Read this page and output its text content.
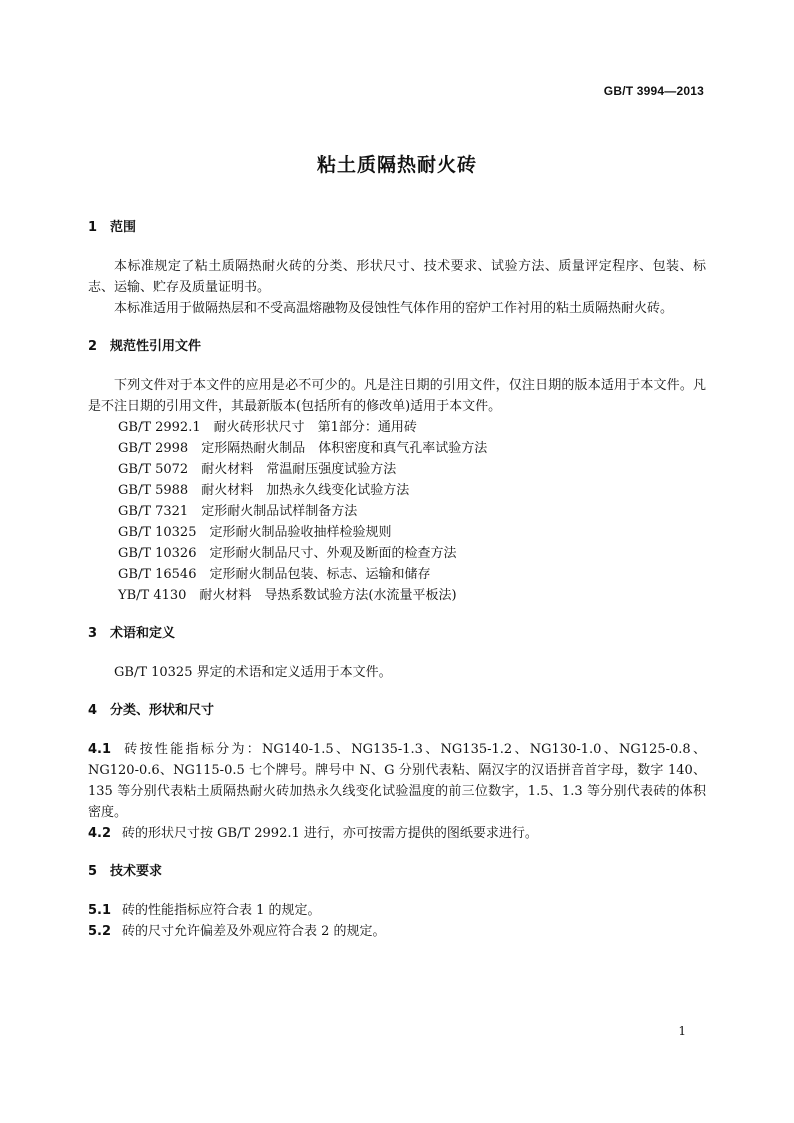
GB/T 3994—2013
粘土质隔热耐火砖
1 范围
本标准规定了粘土质隔热耐火砖的分类、形状尺寸、技术要求、试验方法、质量评定程序、包装、标志、运输、贮存及质量证明书。
本标准适用于做隔热层和不受高温熔融物及侵蚀性气体作用的窑炉工作衬用的粘土质隔热耐火砖。
2 规范性引用文件
下列文件对于本文件的应用是必不可少的。凡是注日期的引用文件，仅注日期的版本适用于本文件。凡是不注日期的引用文件，其最新版本(包括所有的修改单)适用于本文件。
GB/T 2992.1　耐火砖形状尺寸　第1部分：通用砖
GB/T 2998　定形隔热耐火制品　体积密度和真气孔率试验方法
GB/T 5072　耐火材料　常温耐压强度试验方法
GB/T 5988　耐火材料　加热永久线变化试验方法
GB/T 7321　定形耐火制品试样制备方法
GB/T 10325　定形耐火制品验收抽样检验规则
GB/T 10326　定形耐火制品尺寸、外观及断面的检查方法
GB/T 16546　定形耐火制品包装、标志、运输和储存
YB/T 4130　耐火材料　导热系数试验方法(水流量平板法)
3 术语和定义
GB/T 10325 界定的术语和定义适用于本文件。
4 分类、形状和尺寸
4.1 砖按性能指标分为：NG140-1.5、NG135-1.3、NG135-1.2、NG130-1.0、NG125-0.8、NG120-0.6、NG115-0.5 七个牌号。牌号中 N、G 分别代表粘、隔汉字的汉语拼音首字母，数字 140、135 等分别代表粘土质隔热耐火砖加热永久线变化试验温度的前三位数字，1.5、1.3 等分别代表砖的体积密度。
4.2 砖的形状尺寸按 GB/T 2992.1 进行，亦可按需方提供的图纸要求进行。
5 技术要求
5.1 砖的性能指标应符合表 1 的规定。
5.2 砖的尺寸允许偏差及外观应符合表 2 的规定。
1
